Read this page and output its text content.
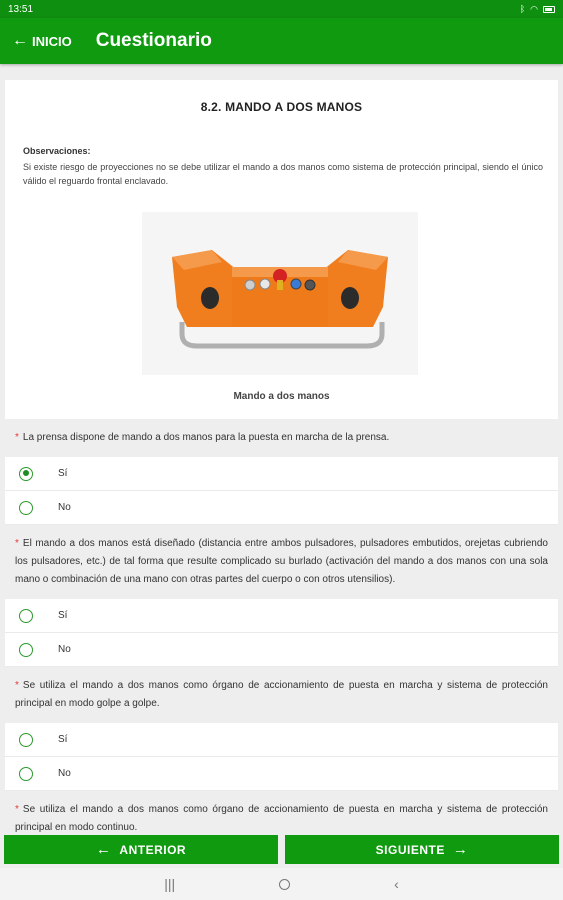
13:51	ᛒ ◠
← INICIO Cuestionario
8.2. MANDO A DOS MANOS
Observaciones:
Si existe riesgo de proyecciones no se debe utilizar el mando a dos manos como sistema de protección principal, siendo el único válido el reguardo frontal enclavado.
Mando a dos manos
* La prensa dispone de mando a dos manos para la puesta en marcha de la prensa.
Sí
No
* El mando a dos manos está diseñado (distancia entre ambos pulsadores, pulsadores embutidos, orejetas cubriendo los pulsadores, etc.) de tal forma que resulte complicado su burlado (activación del mando a dos manos con una sola mano o combinación de una mano con otras partes del cuerpo o con otros utensilios).
Sí
No
* Se utiliza el mando a dos manos como órgano de accionamiento de puesta en marcha y sistema de protección principal en modo golpe a golpe.
Sí
No
* Se utiliza el mando a dos manos como órgano de accionamiento de puesta en marcha y sistema de protección principal en modo continuo.
← ANTERIOR	SIGUIENTE →
|||	‹
